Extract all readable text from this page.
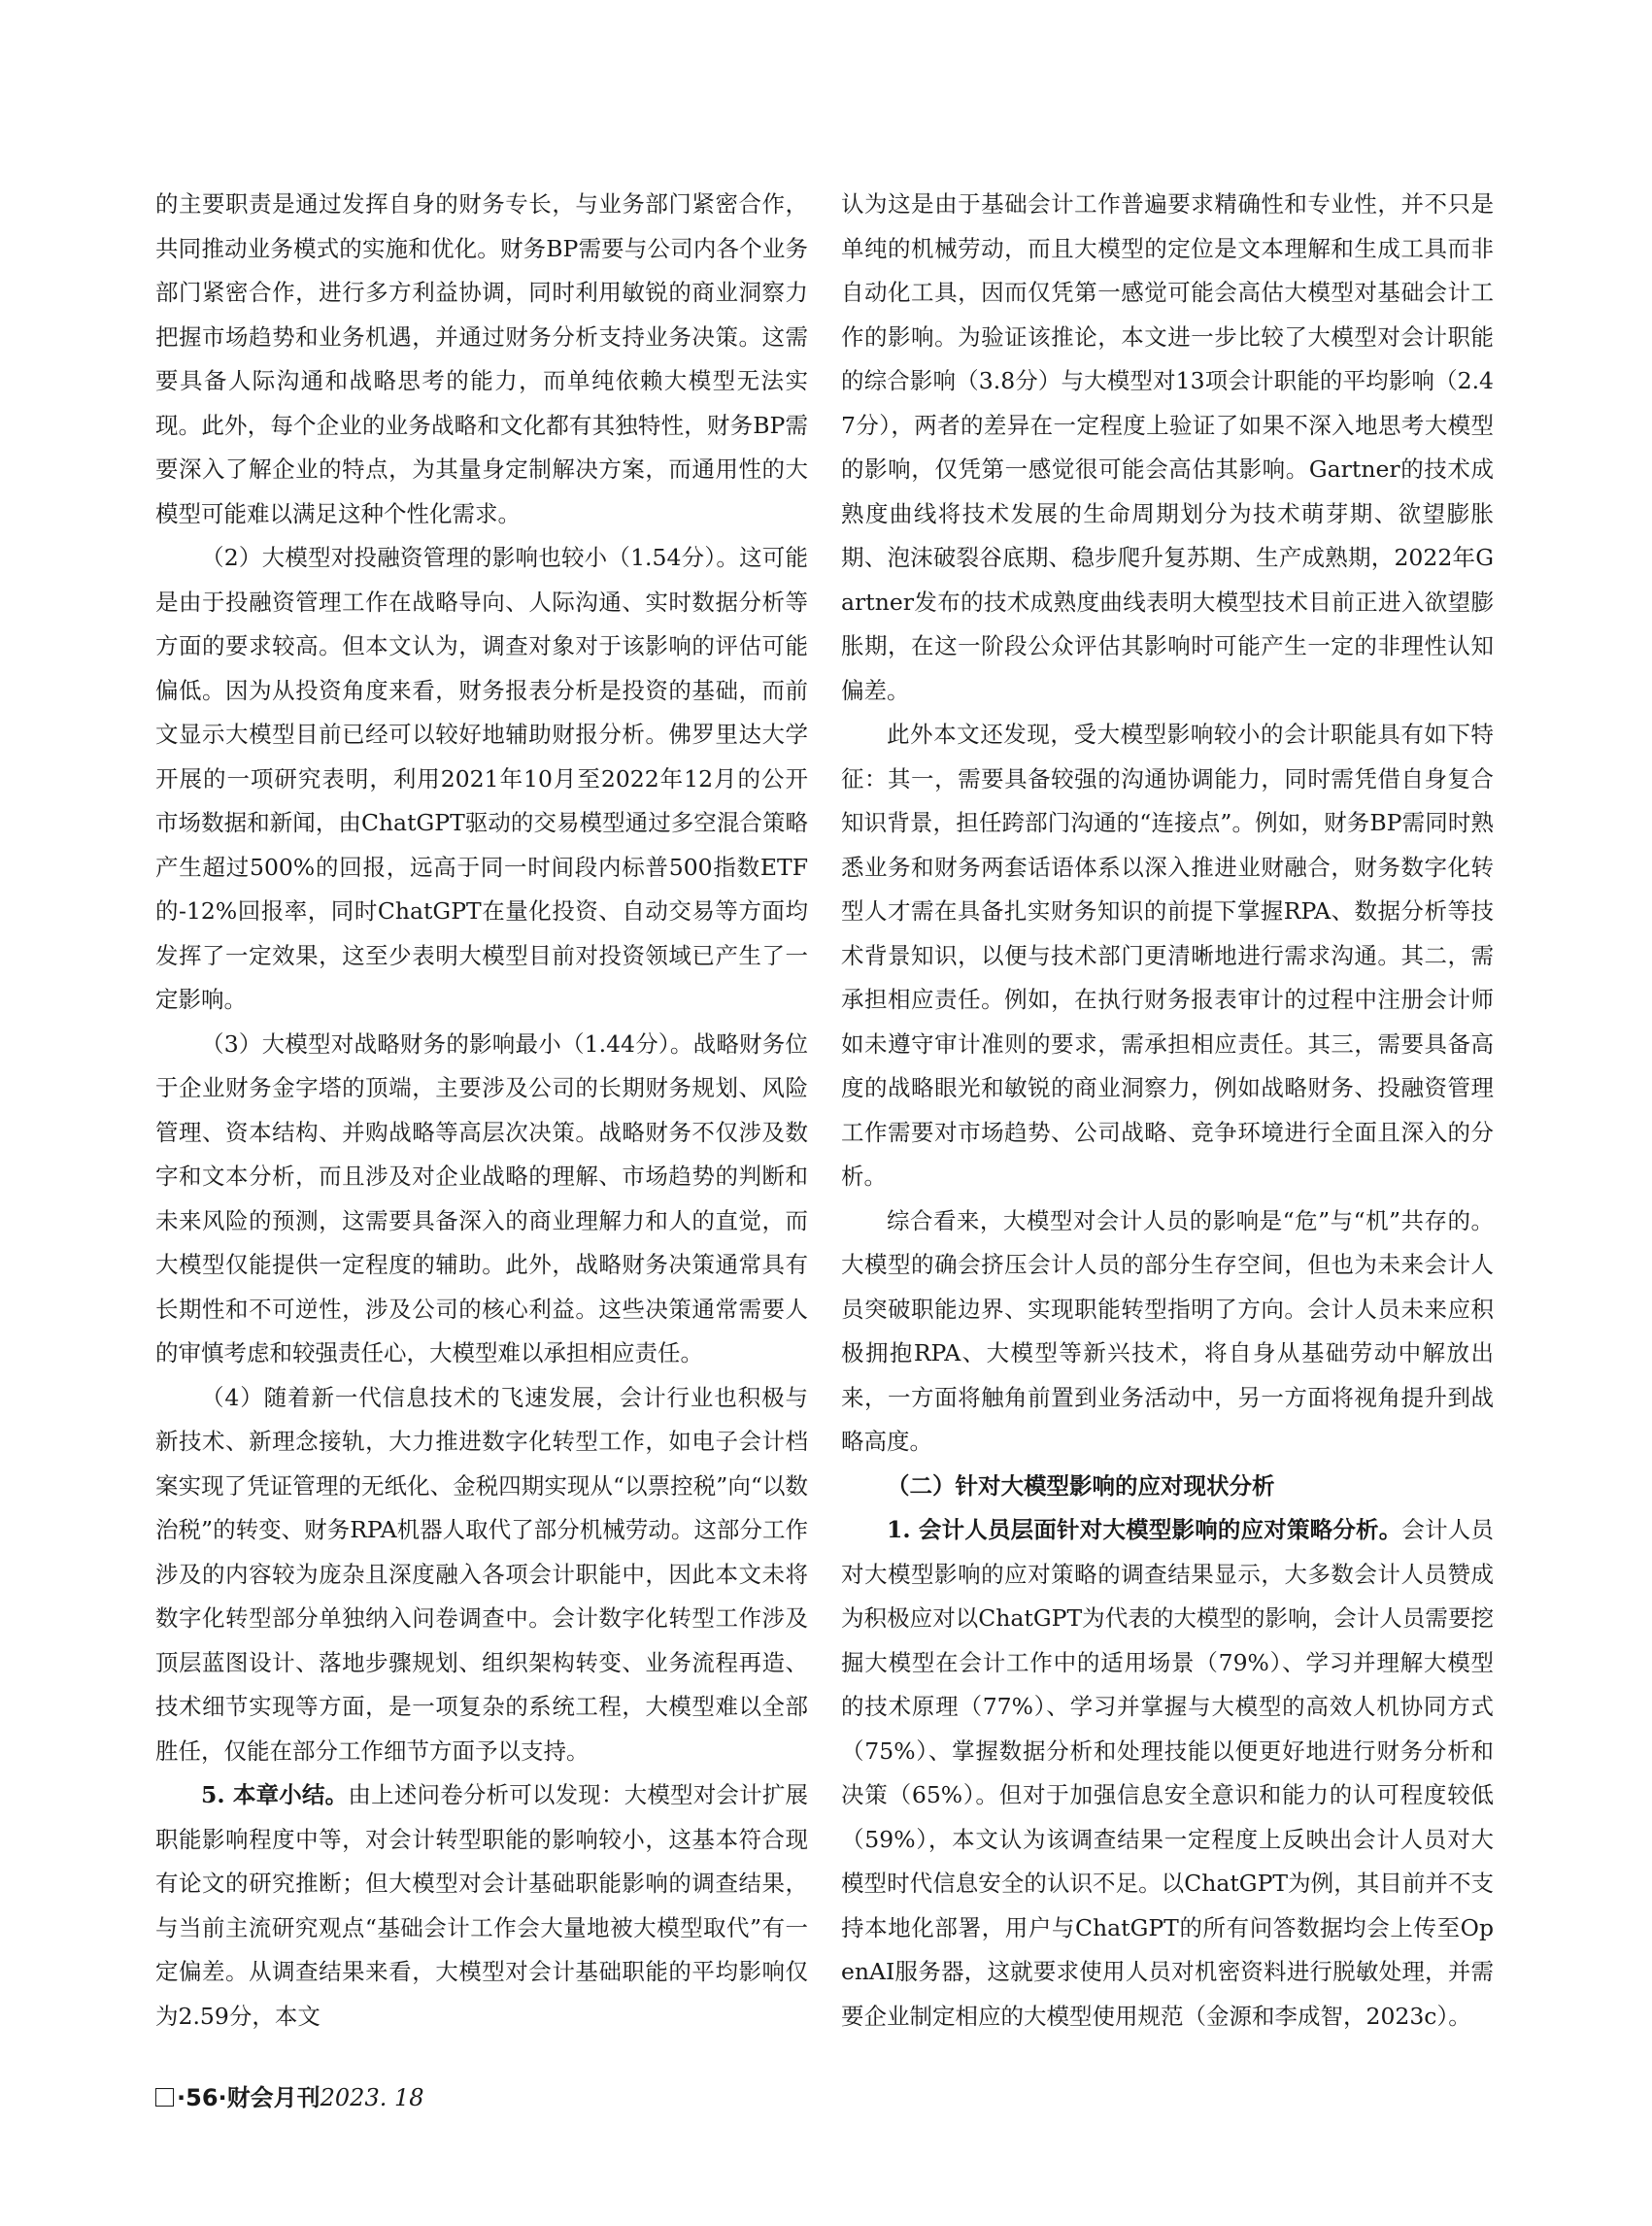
的主要职责是通过发挥自身的财务专长，与业务部门紧密合作，共同推动业务模式的实施和优化。财务BP需要与公司内各个业务部门紧密合作，进行多方利益协调，同时利用敏锐的商业洞察力把握市场趋势和业务机遇，并通过财务分析支持业务决策。这需要具备人际沟通和战略思考的能力，而单纯依赖大模型无法实现。此外，每个企业的业务战略和文化都有其独特性，财务BP需要深入了解企业的特点，为其量身定制解决方案，而通用性的大模型可能难以满足这种个性化需求。

（2）大模型对投融资管理的影响也较小（1.54分）。这可能是由于投融资管理工作在战略导向、人际沟通、实时数据分析等方面的要求较高。但本文认为，调查对象对于该影响的评估可能偏低。因为从投资角度来看，财务报表分析是投资的基础，而前文显示大模型目前已经可以较好地辅助财报分析。佛罗里达大学开展的一项研究表明，利用2021年10月至2022年12月的公开市场数据和新闻，由ChatGPT驱动的交易模型通过多空混合策略产生超过500%的回报，远高于同一时间段内标普500指数ETF的-12%回报率，同时ChatGPT在量化投资、自动交易等方面均发挥了一定效果，这至少表明大模型目前对投资领域已产生了一定影响。

（3）大模型对战略财务的影响最小（1.44分）。战略财务位于企业财务金字塔的顶端，主要涉及公司的长期财务规划、风险管理、资本结构、并购战略等高层次决策。战略财务不仅涉及数字和文本分析，而且涉及对企业战略的理解、市场趋势的判断和未来风险的预测，这需要具备深入的商业理解力和人的直觉，而大模型仅能提供一定程度的辅助。此外，战略财务决策通常具有长期性和不可逆性，涉及公司的核心利益。这些决策通常需要人的审慎考虑和较强责任心，大模型难以承担相应责任。

（4）随着新一代信息技术的飞速发展，会计行业也积极与新技术、新理念接轨，大力推进数字化转型工作，如电子会计档案实现了凭证管理的无纸化、金税四期实现从“以票控税”向“以数治税”的转变、财务RPA机器人取代了部分机械劳动。这部分工作涉及的内容较为庞杂且深度融入各项会计职能中，因此本文未将数字化转型部分单独纳入问卷调查中。会计数字化转型工作涉及顶层蓝图设计、落地步骤规划、组织架构转变、业务流程再造、技术细节实现等方面，是一项复杂的系统工程，大模型难以全部胜任，仅能在部分工作细节方面予以支持。

5. 本章小结。由上述问卷分析可以发现：大模型对会计扩展职能影响程度中等，对会计转型职能的影响较小，这基本符合现有论文的研究推断；但大模型对会计基础职能影响的调查结果，与当前主流研究观点“基础会计工作会大量地被大模型取代”有一定偏差。从调查结果来看，大模型对会计基础职能的平均影响仅为2.59分，本文

认为这是由于基础会计工作普遍要求精确性和专业性，并不只是单纯的机械劳动，而且大模型的定位是文本理解和生成工具而非自动化工具，因而仅凭第一感觉可能会高估大模型对基础会计工作的影响。为验证该推论，本文进一步比较了大模型对会计职能的综合影响（3.8分）与大模型对13项会计职能的平均影响（2.47分），两者的差异在一定程度上验证了如果不深入地思考大模型的影响，仅凭第一感觉很可能会高估其影响。Gartner的技术成熟度曲线将技术发展的生命周期划分为技术萌芽期、欲望膨胀期、泡沫破裂谷底期、稳步爬升复苏期、生产成熟期，2022年Gartner发布的技术成熟度曲线表明大模型技术目前正进入欲望膨胀期，在这一阶段公众评估其影响时可能产生一定的非理性认知偏差。

此外本文还发现，受大模型影响较小的会计职能具有如下特征：其一，需要具备较强的沟通协调能力，同时需凭借自身复合知识背景，担任跨部门沟通的“连接点”。例如，财务BP需同时熟悉业务和财务两套话语体系以深入推进业财融合，财务数字化转型人才需在具备扎实财务知识的前提下掌握RPA、数据分析等技术背景知识，以便与技术部门更清晰地进行需求沟通。其二，需承担相应责任。例如，在执行财务报表审计的过程中注册会计师如未遵守审计准则的要求，需承担相应责任。其三，需要具备高度的战略眼光和敏锐的商业洞察力，例如战略财务、投融资管理工作需要对市场趋势、公司战略、竞争环境进行全面且深入的分析。

综合看来，大模型对会计人员的影响是“危”与“机”共存的。大模型的确会挤压会计人员的部分生存空间，但也为未来会计人员突破职能边界、实现职能转型指明了方向。会计人员未来应积极拥抱RPA、大模型等新兴技术，将自身从基础劳动中解放出来，一方面将触角前置到业务活动中，另一方面将视角提升到战略高度。

（二）针对大模型影响的应对现状分析

1. 会计人员层面针对大模型影响的应对策略分析。会计人员对大模型影响的应对策略的调查结果显示，大多数会计人员赞成为积极应对以ChatGPT为代表的大模型的影响，会计人员需要挖掘大模型在会计工作中的适用场景（79%）、学习并理解大模型的技术原理（77%）、学习并掌握与大模型的高效人机协同方式（75%）、掌握数据分析和处理技能以便更好地进行财务分析和决策（65%）。但对于加强信息安全意识和能力的认可程度较低（59%），本文认为该调查结果一定程度上反映出会计人员对大模型时代信息安全的认识不足。以ChatGPT为例，其目前并不支持本地化部署，用户与ChatGPT的所有问答数据均会上传至OpenAI服务器，这就要求使用人员对机密资料进行脱敏处理，并需要企业制定相应的大模型使用规范（金源和李成智，2023c）。

·56·财会月刊2023. 18
